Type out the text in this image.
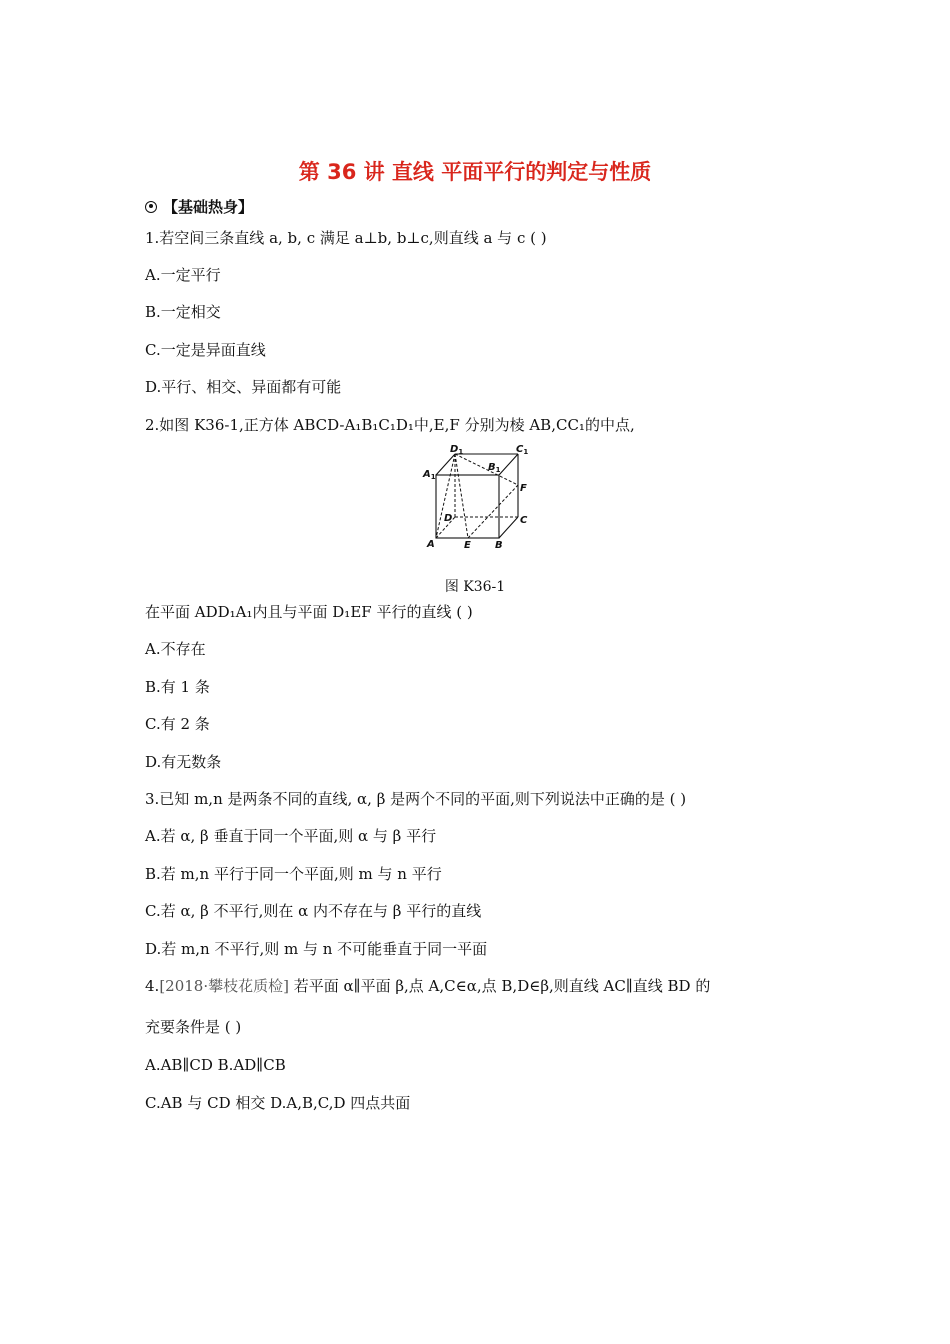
第 36 讲 直线 平面平行的判定与性质
【基础热身】
1.若空间三条直线 a, b, c 满足 a⊥b, b⊥c,则直线 a 与 c ( )
A.一定平行
B.一定相交
C.一定是异面直线
D.平行、相交、异面都有可能
2.如图 K36-1,正方体 ABCD-A₁B₁C₁D₁中,E,F 分别为棱 AB,CC₁的中点,
$D_1$
$A_1$
$B_1$
$C_1$
F
D	C
A	E B
图 K36-1
在平面 ADD₁A₁内且与平面 D₁EF 平行的直线 ( )
A.不存在
B.有 1 条
C.有 2 条
D.有无数条
3.已知 m,n 是两条不同的直线, α, β 是两个不同的平面,则下列说法中正确的是 ( )
A.若 α, β 垂直于同一个平面,则 α 与 β 平行
B.若 m,n 平行于同一个平面,则 m 与 n 平行
C.若 α, β 不平行,则在 α 内不存在与 β 平行的直线
D.若 m,n 不平行,则 m 与 n 不可能垂直于同一平面
4.[2018·攀枝花质检] 若平面 α∥平面 β,点 A,C∈α,点 B,D∈β,则直线 AC∥直线 BD 的
充要条件是 ( )
A.AB∥CD B.AD∥CB
C.AB 与 CD 相交 D.A,B,C,D 四点共面
